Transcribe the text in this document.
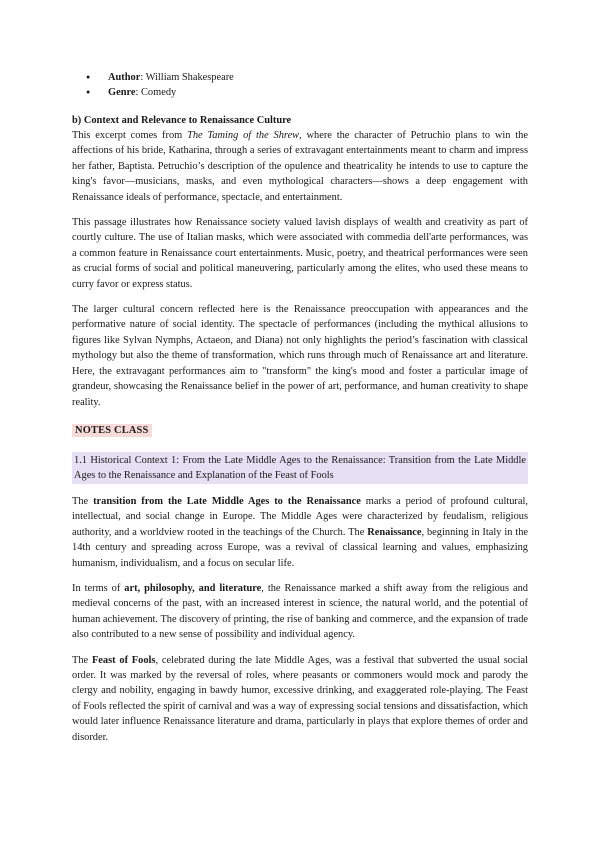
● Author: William Shakespeare
● Genre: Comedy
b) Context and Relevance to Renaissance Culture

This excerpt comes from The Taming of the Shrew, where the character of Petruchio plans to win the affections of his bride, Katharina, through a series of extravagant entertainments meant to charm and impress her father, Baptista. Petruchio’s description of the opulence and theatricality he intends to use to capture the king's favor—musicians, masks, and even mythological characters—shows a deep engagement with Renaissance ideals of performance, spectacle, and entertainment.

This passage illustrates how Renaissance society valued lavish displays of wealth and creativity as part of courtly culture. The use of Italian masks, which were associated with commedia dell'arte performances, was a common feature in Renaissance court entertainments. Music, poetry, and theatrical performances were seen as crucial forms of social and political maneuvering, particularly among the elites, who used these means to curry favor or express status.

The larger cultural concern reflected here is the Renaissance preoccupation with appearances and the performative nature of social identity. The spectacle of performances (including the mythical allusions to figures like Sylvan Nymphs, Actaeon, and Diana) not only highlights the period’s fascination with classical mythology but also the theme of transformation, which runs through much of Renaissance art and literature. Here, the extravagant performances aim to "transform" the king's mood and foster a particular image of grandeur, showcasing the Renaissance belief in the power of art, performance, and human creativity to shape reality.

NOTES CLASS
1.1 Historical Context 1: From the Late Middle Ages to the Renaissance: Transition from the Late Middle Ages to the Renaissance and Explanation of the Feast of Fools

The transition from the Late Middle Ages to the Renaissance marks a period of profound cultural, intellectual, and social change in Europe. The Middle Ages were characterized by feudalism, religious authority, and a worldview rooted in the teachings of the Church. The Renaissance, beginning in Italy in the 14th century and spreading across Europe, was a revival of classical learning and values, emphasizing humanism, individualism, and a focus on secular life.

In terms of art, philosophy, and literature, the Renaissance marked a shift away from the religious and medieval concerns of the past, with an increased interest in science, the natural world, and the potential of human achievement. The discovery of printing, the rise of banking and commerce, and the expansion of trade also contributed to a new sense of possibility and individual agency.

The Feast of Fools, celebrated during the late Middle Ages, was a festival that subverted the usual social order. It was marked by the reversal of roles, where peasants or commoners would mock and parody the clergy and nobility, engaging in bawdy humor, excessive drinking, and exaggerated role-playing. The Feast of Fools reflected the spirit of carnival and was a way of expressing social tensions and dissatisfaction, which would later influence Renaissance literature and drama, particularly in plays that explore themes of order and disorder.
